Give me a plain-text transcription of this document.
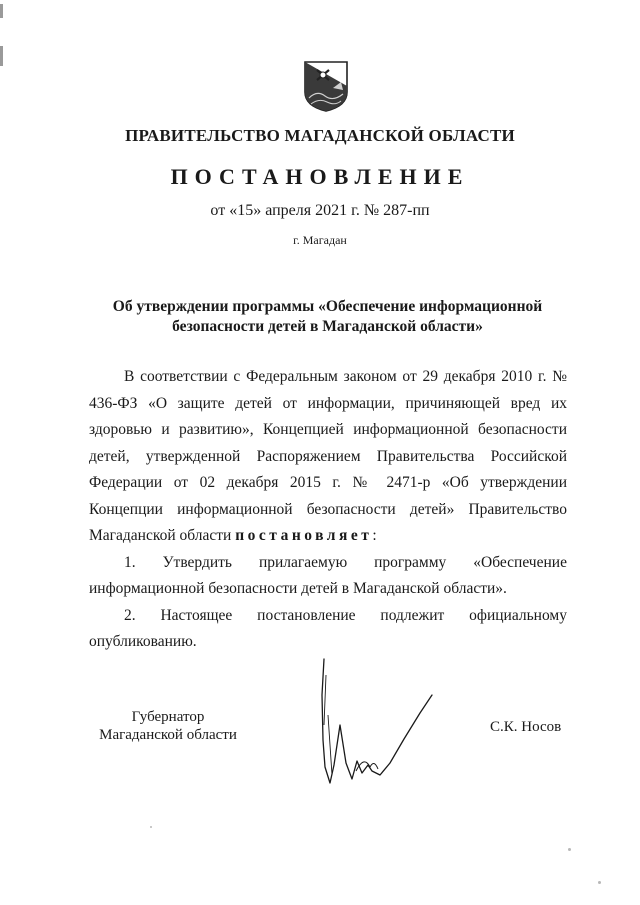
ПРАВИТЕЛЬСТВО МАГАДАНСКОЙ ОБЛАСТИ
ПОСТАНОВЛЕНИЕ
от «15» апреля 2021 г. № 287-пп
г. Магадан
Об утверждении программы «Обеспечение информационной
безопасности детей в Магаданской области»

В соответствии с Федеральным законом от 29 декабря 2010 г. № 436-ФЗ «О защите детей от информации, причиняющей вред их здоровью и развитию», Концепцией информационной безопасности детей, утвержденной Распоряжением Правительства Российской Федерации от 02 декабря 2015 г. № 2471-р «Об утверждении Концепции информационной безопасности детей» Правительство Магаданской области постановляет:

1. Утвердить прилагаемую программу «Обеспечение
информационной безопасности детей в Магаданской области».
2. Настоящее постановление подлежит официальному
опубликованию.
Губернатор
Магаданской области	С.К. Носов
